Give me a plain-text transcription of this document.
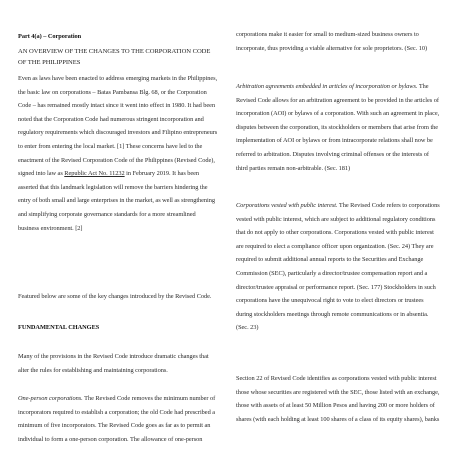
Part 4(a) – Corporation

AN OVERVIEW OF THE CHANGES TO THE CORPORATION CODE OF THE PHILIPPINES

Even as laws have been enacted to address emerging markets in the Philippines, the basic law on corporations – Batas Pambansa Blg. 68, or the Corporation Code – has remained mostly intact since it went into effect in 1980. It had been noted that the Corporation Code had numerous stringent incorporation and regulatory requirements which discouraged investors and Filipino entrepreneurs to enter from entering the local market. [1] These concerns have led to the enactment of the Revised Corporation Code of the Philippines (Revised Code), signed into law as Republic Act No. 11232 in February 2019. It has been asserted that this landmark legislation will remove the barriers hindering the entry of both small and large enterprises in the market, as well as strengthening and simplifying corporate governance standards for a more streamlined business environment. [2]

Featured below are some of the key changes introduced by the Revised Code.

FUNDAMENTAL CHANGES

Many of the provisions in the Revised Code introduce dramatic changes that alter the rules for establishing and maintaining corporations.

One-person corporations. The Revised Code removes the minimum number of incorporators required to establish a corporation; the old Code had prescribed a minimum of five incorporators. The Revised Code goes as far as to permit an individual to form a one-person corporation. The allowance of one-person

corporations make it easier for small to medium-sized business owners to incorporate, thus providing a viable alternative for sole proprietors. (Sec. 10)

Arbitration agreements embedded in articles of incorporation or bylaws. The Revised Code allows for an arbitration agreement to be provided in the articles of incorporation (AOI) or bylaws of a corporation. With such an agreement in place, disputes between the corporation, its stockholders or members that arise from the implementation of AOI or bylaws or from intracorporate relations shall now be referred to arbitration. Disputes involving criminal offenses or the interests of third parties remain non-arbitrable. (Sec. 181)

Corporations vested with public interest. The Revised Code refers to corporations vested with public interest, which are subject to additional regulatory conditions that do not apply to other corporations. Corporations vested with public interest are required to elect a compliance officer upon organization. (Sec. 24) They are required to submit additional annual reports to the Securities and Exchange Commission (SEC), particularly a director/trustee compensation report and a director/trustee appraisal or performance report. (Sec. 177) Stockholders in such corporations have the unequivocal right to vote to elect directors or trustees during stockholders meetings through remote communications or in absentia. (Sec. 23)

Section 22 of Revised Code identifies as corporations vested with public interest those whose securities are registered with the SEC, those listed with an exchange, those with assets of at least 50 Million Pesos and having 200 or more holders of shares (with each holding at least 100 shares of a class of its equity shares), banks
